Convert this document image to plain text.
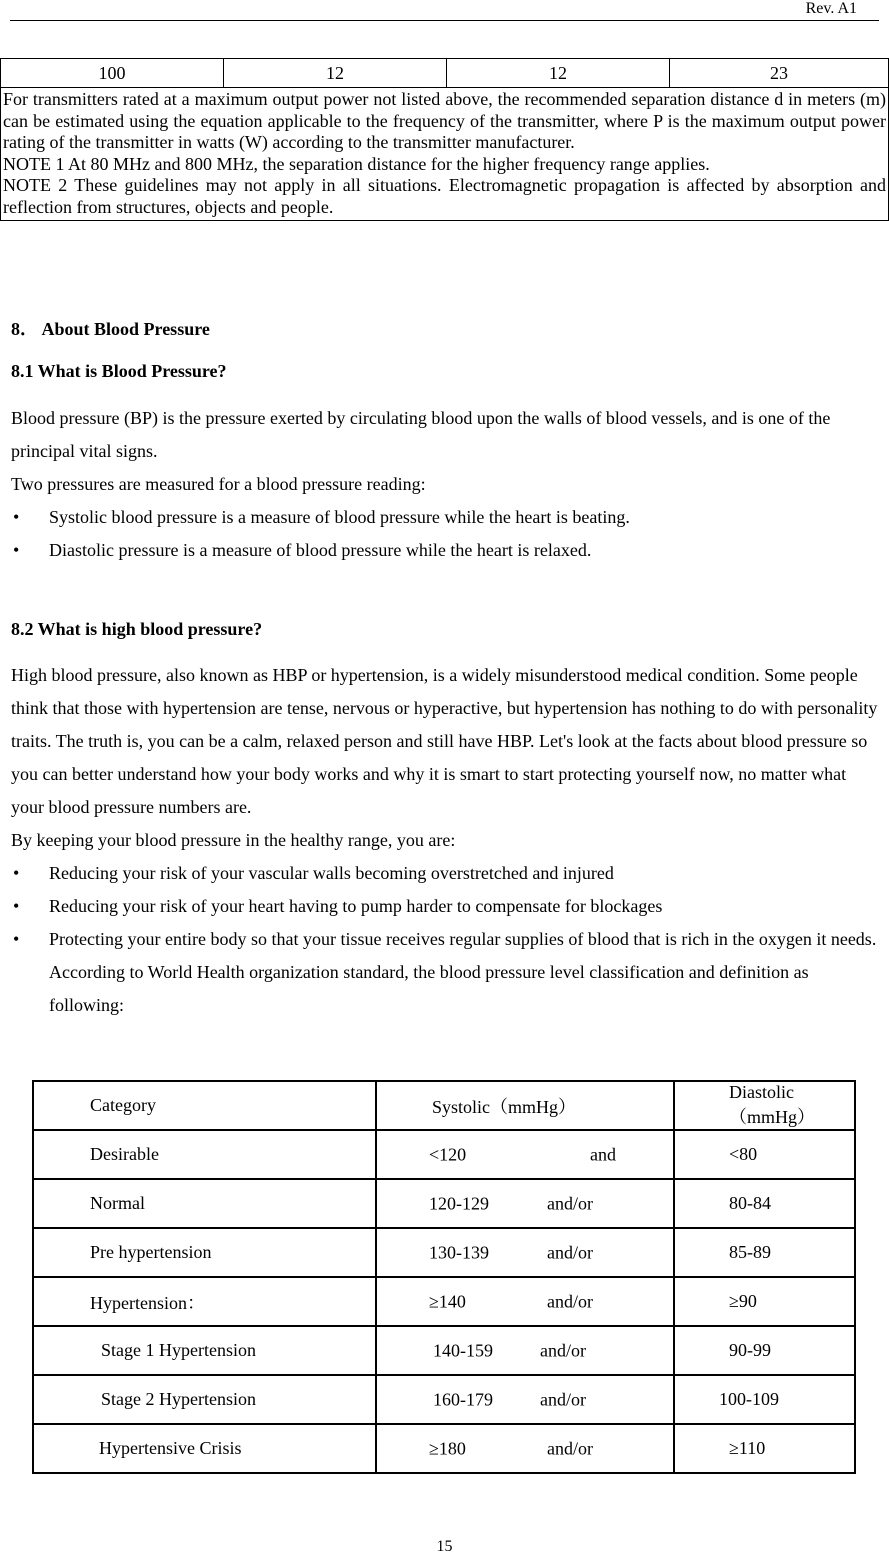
Rev. A1
100	12	12	23

For transmitters rated at a maximum output power not listed above, the recommended separation distance d in meters (m) can be estimated using the equation applicable to the frequency of the transmitter, where P is the maximum output power rating of the transmitter in watts (W) according to the transmitter manufacturer.

NOTE 1 At 80 MHz and 800 MHz, the separation distance for the higher frequency range applies.

NOTE 2 These guidelines may not apply in all situations. Electromagnetic propagation is affected by absorption and reflection from structures, objects and people.

8． About Blood Pressure
8.1 What is Blood Pressure?

Blood pressure (BP) is the pressure exerted by circulating blood upon the walls of blood vessels, and is one of the principal vital signs.

Two pressures are measured for a blood pressure reading:

• Systolic blood pressure is a measure of blood pressure while the heart is beating.

• Diastolic pressure is a measure of blood pressure while the heart is relaxed.

8.2 What is high blood pressure?

High blood pressure, also known as HBP or hypertension, is a widely misunderstood medical condition. Some people think that those with hypertension are tense, nervous or hyperactive, but hypertension has nothing to do with personality traits. The truth is, you can be a calm, relaxed person and still have HBP. Let's look at the facts about blood pressure so you can better understand how your body works and why it is smart to start protecting yourself now, no matter what your blood pressure numbers are.

By keeping your blood pressure in the healthy range, you are:

• Reducing your risk of your vascular walls becoming overstretched and injured

• Reducing your risk of your heart having to pump harder to compensate for blockages

• Protecting your entire body so that your tissue receives regular supplies of blood that is rich in the oxygen it needs.

According to World Health organization standard, the blood pressure level classification and definition as following:

Category	Systolic（mmHg）	Diastolic（mmHg）
Desirable	<120 and	<80
Normal	120-129 and/or	80-84
Pre hypertension	130-139 and/or	85-89
Hypertension：	≥140 and/or	≥90
Stage 1 Hypertension	140-159 and/or	90-99
Stage 2 Hypertension	160-179 and/or	100-109
Hypertensive Crisis	≥180 and/or	≥110
15
